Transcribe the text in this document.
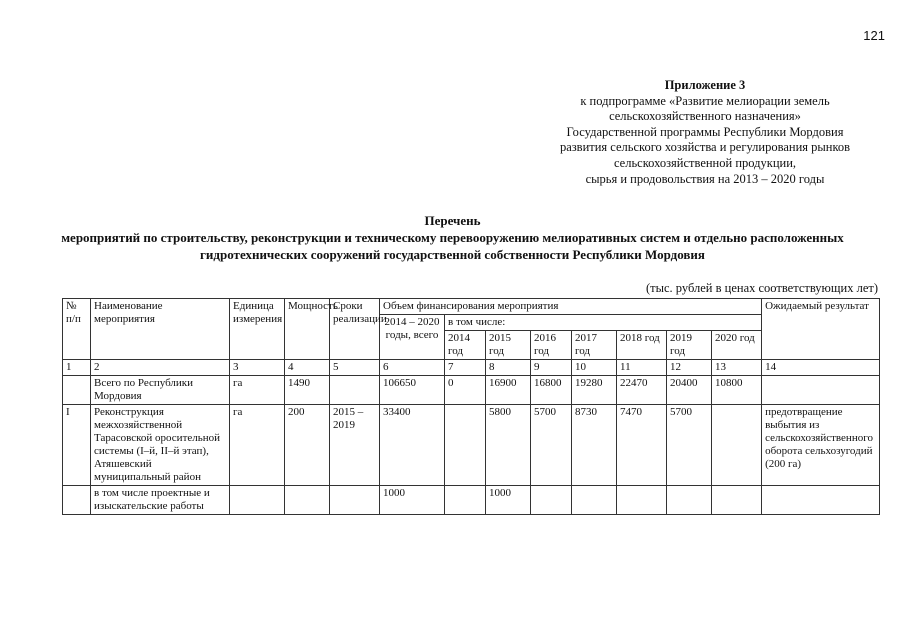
121
Приложение 3
к подпрограмме «Развитие мелиорации земель
сельскохозяйственного назначения»
Государственной программы Республики Мордовия
развития сельского хозяйства и регулирования рынков
сельскохозяйственной продукции,
сырья и продовольствия на 2013 – 2020 годы
Перечень
мероприятий по строительству, реконструкции и техническому перевооружению мелиоративных систем и отдельно расположенных гидротехнических сооружений государственной собственности Республики Мордовия
(тыс. рублей в ценах соответствующих лет)
№ п/п	Наименование мероприятия	Единица измерения	Мощность	Сроки реализации	Объем финансирования мероприятия								Ожидаемый результат
					2014 – 2020 годы, всего	в том числе:							
						2014 год	2015 год	2016 год	2017 год	2018 год	2019 год	2020 год	
1	2	3	4	5	6	7	8	9	10	11	12	13	14
	Всего по Республики Мордовия	га	1490		106650	0	16900	16800	19280	22470	20400	10800	
I	Реконструкция межхозяйственной Тарасовской оросительной системы (I–й, II–й этап), Атяшевский муниципальный район	га	200	2015 – 2019	33400		5800	5700	8730	7470	5700		предотвращение выбытия из сельскохозяйственного оборота сельхозугодий (200 га)
	в том числе проектные и изыскательские работы				1000		1000						
